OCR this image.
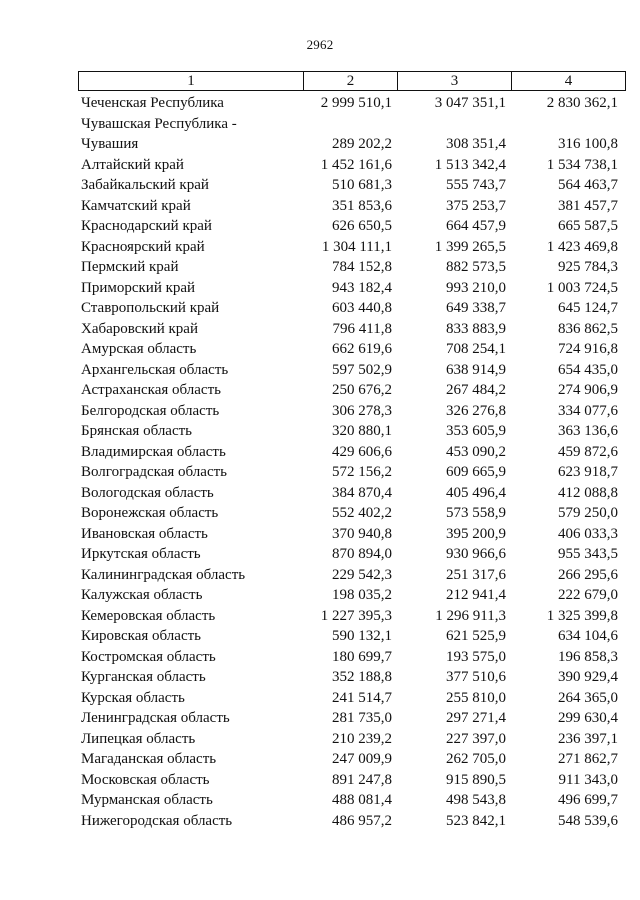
2962
1	2	3	4
Чеченская Республика	2 999 510,1	3 047 351,1	2 830 362,1
Чувашская Республика -
Чувашия	289 202,2	308 351,4	316 100,8
Алтайский край	1 452 161,6	1 513 342,4	1 534 738,1
Забайкальский край	510 681,3	555 743,7	564 463,7
Камчатский край	351 853,6	375 253,7	381 457,7
Краснодарский край	626 650,5	664 457,9	665 587,5
Красноярский край	1 304 111,1	1 399 265,5	1 423 469,8
Пермский край	784 152,8	882 573,5	925 784,3
Приморский край	943 182,4	993 210,0	1 003 724,5
Ставропольский край	603 440,8	649 338,7	645 124,7
Хабаровский край	796 411,8	833 883,9	836 862,5
Амурская область	662 619,6	708 254,1	724 916,8
Архангельская область	597 502,9	638 914,9	654 435,0
Астраханская область	250 676,2	267 484,2	274 906,9
Белгородская область	306 278,3	326 276,8	334 077,6
Брянская область	320 880,1	353 605,9	363 136,6
Владимирская область	429 606,6	453 090,2	459 872,6
Волгоградская область	572 156,2	609 665,9	623 918,7
Вологодская область	384 870,4	405 496,4	412 088,8
Воронежская область	552 402,2	573 558,9	579 250,0
Ивановская область	370 940,8	395 200,9	406 033,3
Иркутская область	870 894,0	930 966,6	955 343,5
Калининградская область	229 542,3	251 317,6	266 295,6
Калужская область	198 035,2	212 941,4	222 679,0
Кемеровская область	1 227 395,3	1 296 911,3	1 325 399,8
Кировская область	590 132,1	621 525,9	634 104,6
Костромская область	180 699,7	193 575,0	196 858,3
Курганская область	352 188,8	377 510,6	390 929,4
Курская область	241 514,7	255 810,0	264 365,0
Ленинградская область	281 735,0	297 271,4	299 630,4
Липецкая область	210 239,2	227 397,0	236 397,1
Магаданская область	247 009,9	262 705,0	271 862,7
Московская область	891 247,8	915 890,5	911 343,0
Мурманская область	488 081,4	498 543,8	496 699,7
Нижегородская область	486 957,2	523 842,1	548 539,6
